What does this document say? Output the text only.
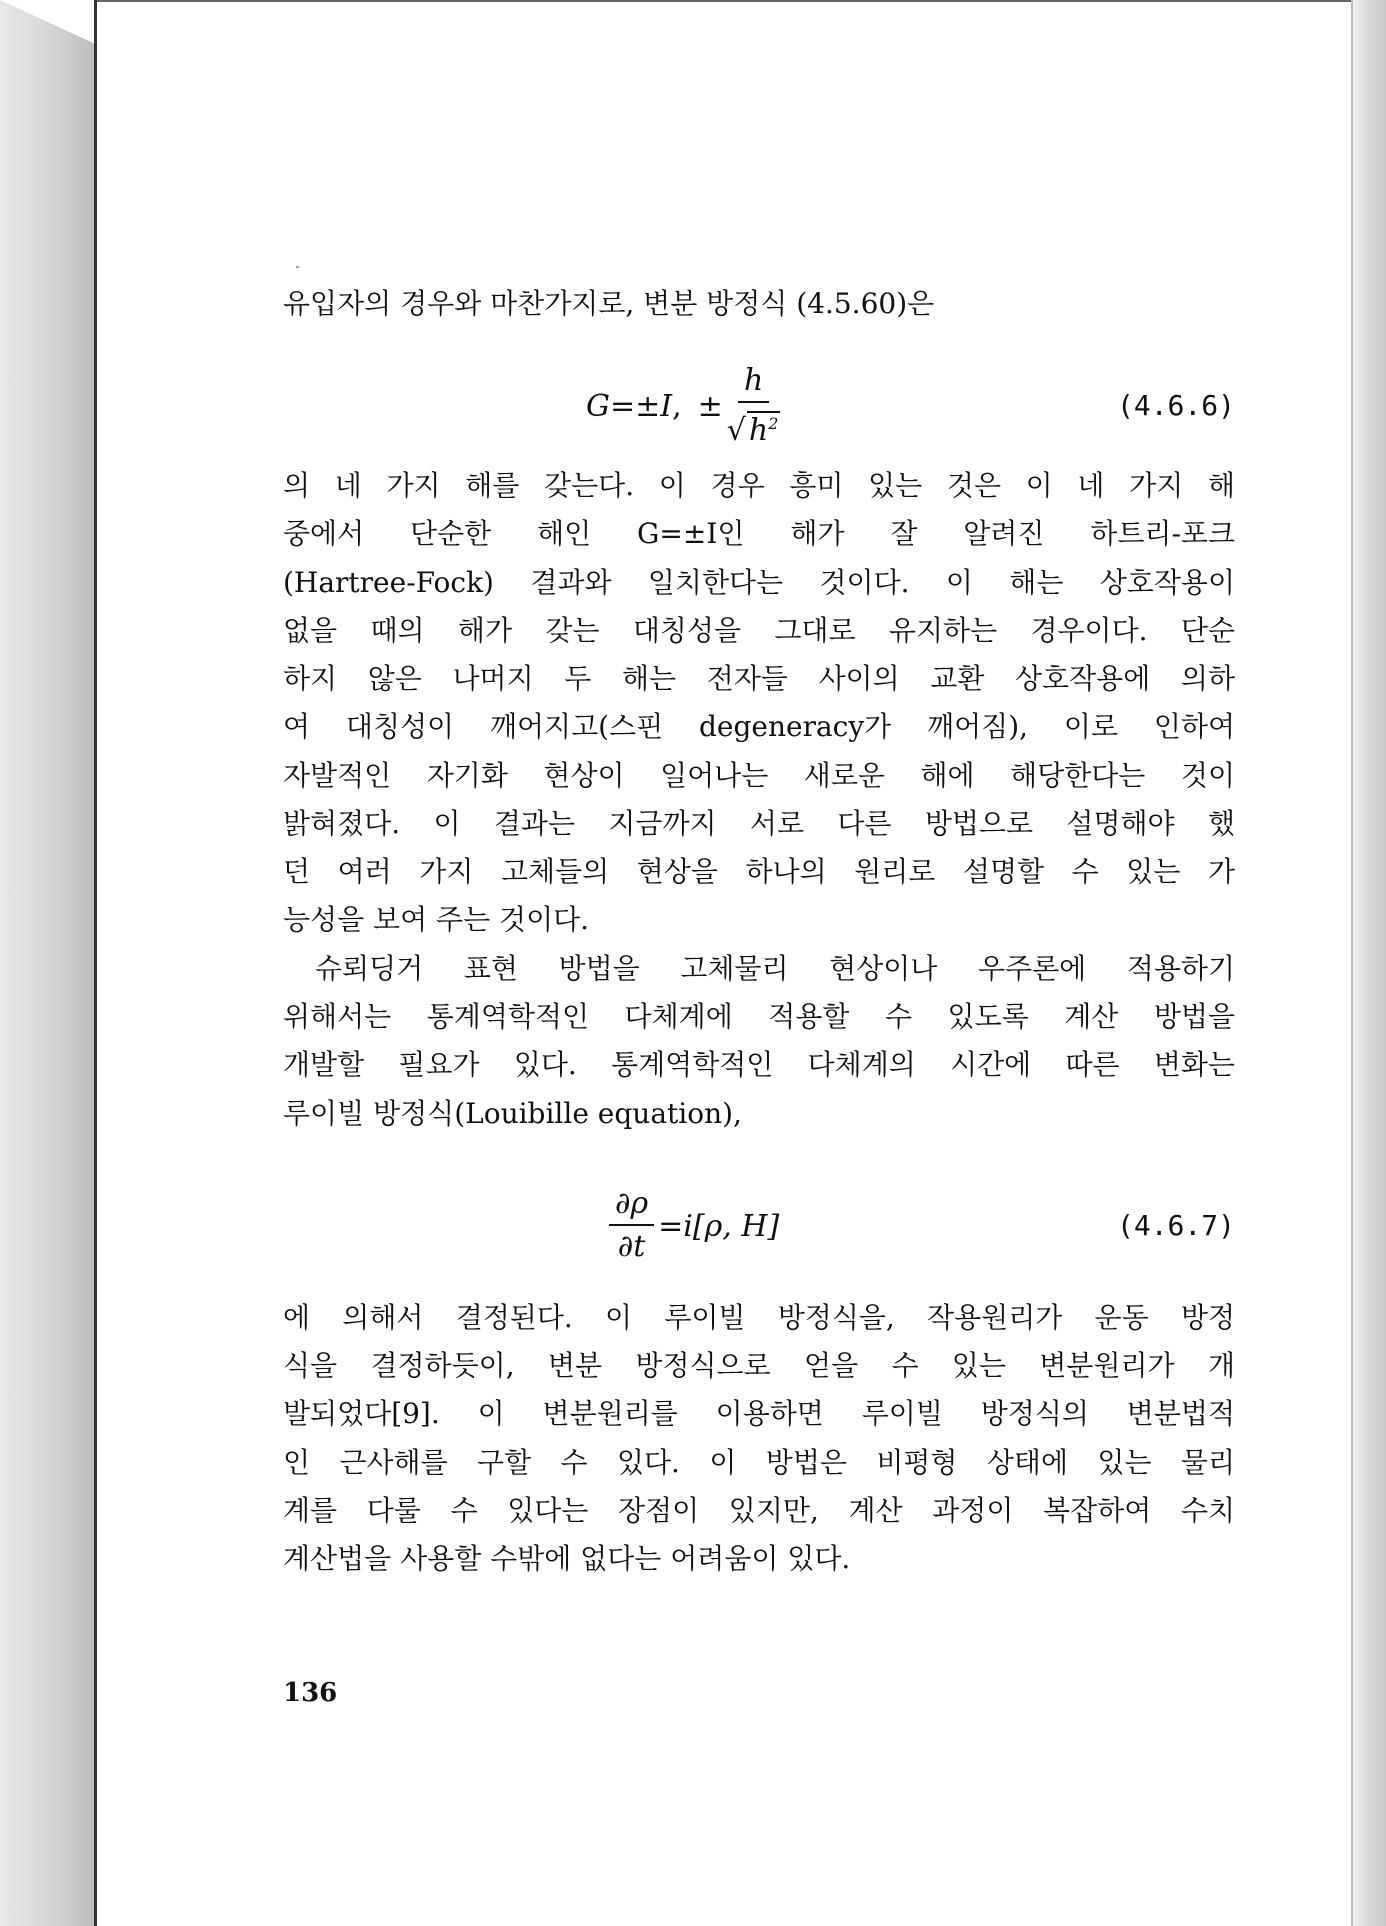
유입자의 경우와 마찬가지로, 변분 방정식 (4.5.60)은
G = ± I , ± $\frac{h}{√ h^2}$	(4.6.6)
의 네 가지 해를 갖는다. 이 경우 흥미 있는 것은 이 네 가지 해
중에서 단순한 해인 G=±I인 해가 잘 알려진 하트리-포크
(Hartree-Fock) 결과와 일치한다는 것이다. 이 해는 상호작용이
없을 때의 해가 갖는 대칭성을 그대로 유지하는 경우이다. 단순
하지 않은 나머지 두 해는 전자들 사이의 교환 상호작용에 의하
여 대칭성이 깨어지고(스핀 degeneracy가 깨어짐), 이로 인하여
자발적인 자기화 현상이 일어나는 새로운 해에 해당한다는 것이
밝혀졌다. 이 결과는 지금까지 서로 다른 방법으로 설명해야 했
던 여러 가지 고체들의 현상을 하나의 원리로 설명할 수 있는 가
능성을 보여 주는 것이다.
슈뢰딩거 표현 방법을 고체물리 현상이나 우주론에 적용하기
위해서는 통계역학적인 다체계에 적용할 수 있도록 계산 방법을
개발할 필요가 있다. 통계역학적인 다체계의 시간에 따른 변화는
루이빌 방정식(Louibille equation),
$\frac{\partial\rho}{\partial t} =i[\rho$, H]	(4.6.7)
에 의해서 결정된다. 이 루이빌 방정식을, 작용원리가 운동 방정
식을 결정하듯이, 변분 방정식으로 얻을 수 있는 변분원리가 개
발되었다[9]. 이 변분원리를 이용하면 루이빌 방정식의 변분법적
인 근사해를 구할 수 있다. 이 방법은 비평형 상태에 있는 물리
계를 다룰 수 있다는 장점이 있지만, 계산 과정이 복잡하여 수치
계산법을 사용할 수밖에 없다는 어려움이 있다.
136
